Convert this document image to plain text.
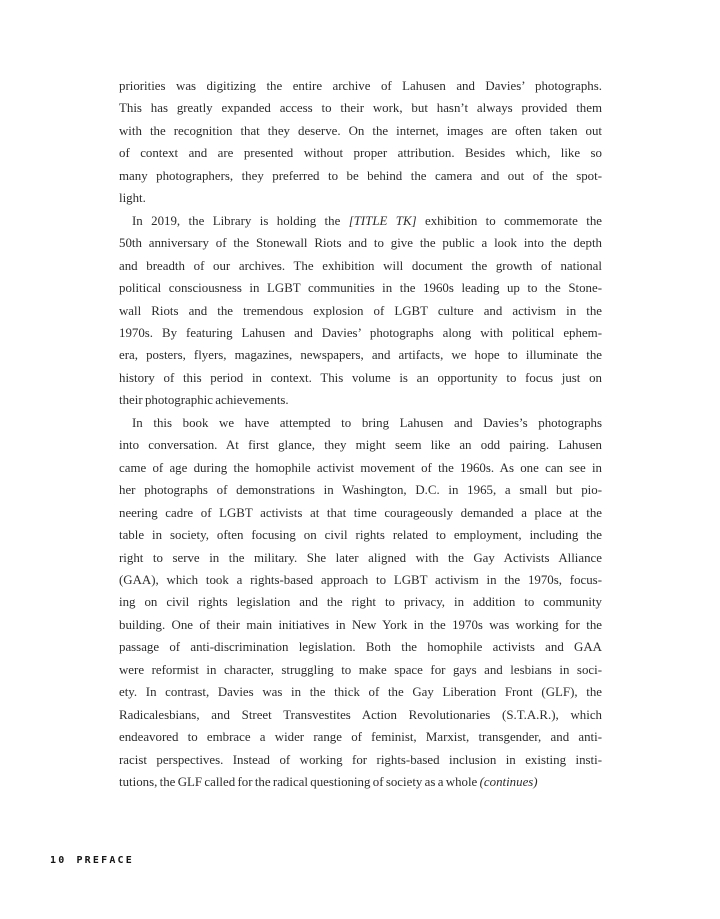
priorities was digitizing the entire archive of Lahusen and Davies’ photographs.
This has greatly expanded access to their work, but hasn’t always provided them
with the recognition that they deserve. On the internet, images are often taken out
of context and are presented without proper attribution. Besides which, like so
many photographers, they preferred to be behind the camera and out of the spot-
light.
In 2019, the Library is holding the [TITLE TK] exhibition to commemorate the
50th anniversary of the Stonewall Riots and to give the public a look into the depth
and breadth of our archives. The exhibition will document the growth of national
political consciousness in LGBT communities in the 1960s leading up to the Stone-
wall Riots and the tremendous explosion of LGBT culture and activism in the
1970s. By featuring Lahusen and Davies’ photographs along with political ephem-
era, posters, flyers, magazines, newspapers, and artifacts, we hope to illuminate the
history of this period in context. This volume is an opportunity to focus just on
their photographic achievements.
In this book we have attempted to bring Lahusen and Davies’s photographs
into conversation. At first glance, they might seem like an odd pairing. Lahusen
came of age during the homophile activist movement of the 1960s. As one can see in
her photographs of demonstrations in Washington, D.C. in 1965, a small but pio-
neering cadre of LGBT activists at that time courageously demanded a place at the
table in society, often focusing on civil rights related to employment, including the
right to serve in the military. She later aligned with the Gay Activists Alliance
(GAA), which took a rights-based approach to LGBT activism in the 1970s, focus-
ing on civil rights legislation and the right to privacy, in addition to community
building. One of their main initiatives in New York in the 1970s was working for the
passage of anti-discrimination legislation. Both the homophile activists and GAA
were reformist in character, struggling to make space for gays and lesbians in soci-
ety. In contrast, Davies was in the thick of the Gay Liberation Front (GLF), the
Radicalesbians, and Street Transvestites Action Revolutionaries (S.T.A.R.), which
endeavored to embrace a wider range of feminist, Marxist, transgender, and anti-
racist perspectives. Instead of working for rights-based inclusion in existing insti-
tutions, the GLF called for the radical questioning of society as a whole (continues)
10 PREFACE
